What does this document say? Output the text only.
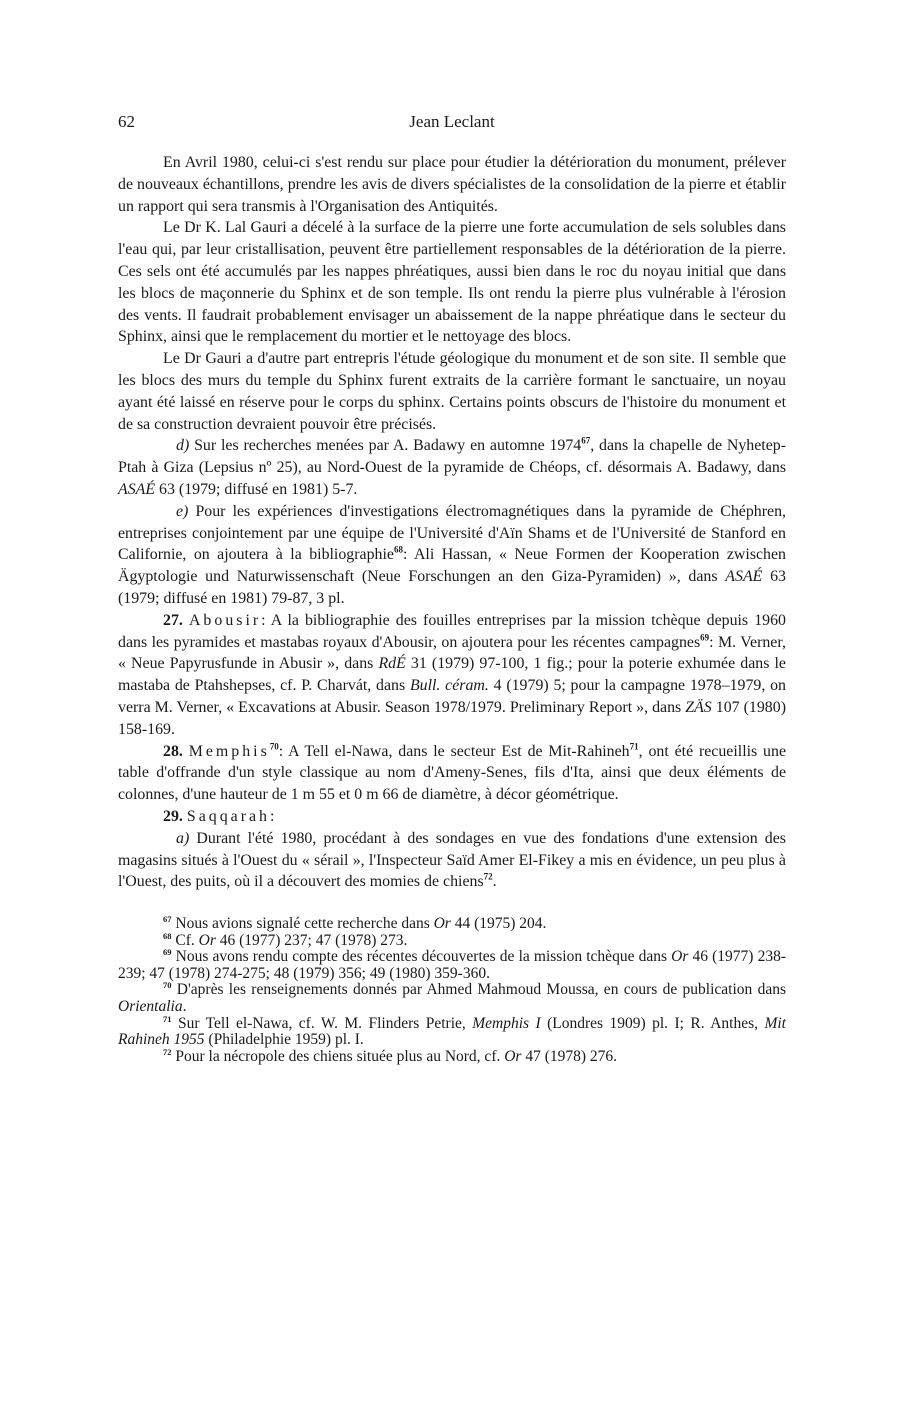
62	Jean Leclant

En Avril 1980, celui-ci s'est rendu sur place pour étudier la détérioration du monument, prélever de nouveaux échantillons, prendre les avis de divers spécialistes de la consolidation de la pierre et établir un rapport qui sera transmis à l'Organisation des Antiquités.

Le Dr K. Lal Gauri a décelé à la surface de la pierre une forte accumulation de sels solubles dans l'eau qui, par leur cristallisation, peuvent être partiellement responsables de la détérioration de la pierre. Ces sels ont été accumulés par les nappes phréatiques, aussi bien dans le roc du noyau initial que dans les blocs de maçonnerie du Sphinx et de son temple. Ils ont rendu la pierre plus vulnérable à l'érosion des vents. Il faudrait probablement envisager un abaissement de la nappe phréatique dans le secteur du Sphinx, ainsi que le remplacement du mortier et le nettoyage des blocs.

Le Dr Gauri a d'autre part entrepris l'étude géologique du monument et de son site. Il semble que les blocs des murs du temple du Sphinx furent extraits de la carrière formant le sanctuaire, un noyau ayant été laissé en réserve pour le corps du sphinx. Certains points obscurs de l'histoire du monument et de sa construction devraient pouvoir être précisés.

d) Sur les recherches menées par A. Badawy en automne 1974$^{67}$, dans la chapelle de Nyhetep-Ptah à Giza (Lepsius nº 25), au Nord-Ouest de la pyramide de Chéops, cf. désormais A. Badawy, dans ASAÉ 63 (1979; diffusé en 1981) 5-7.

e) Pour les expériences d'investigations électromagnétiques dans la pyramide de Chéphren, entreprises conjointement par une équipe de l'Université d'Aïn Shams et de l'Université de Stanford en Californie, on ajoutera à la bibliographie$^{68}$: Ali Hassan, « Neue Formen der Kooperation zwischen Ägyptologie und Naturwissenschaft (Neue Forschungen an den Giza-Pyramiden) », dans ASAÉ 63 (1979; diffusé en 1981) 79-87, 3 pl.

27. Abousir: A la bibliographie des fouilles entreprises par la mission tchèque depuis 1960 dans les pyramides et mastabas royaux d'Abousir, on ajoutera pour les récentes campagnes$^{69}$: M. Verner, « Neue Papyrusfunde in Abusir », dans RdÉ 31 (1979) 97-100, 1 fig.; pour la poterie exhumée dans le mastaba de Ptahshepses, cf. P. Charvát, dans Bull. céram. 4 (1979) 5; pour la campagne 1978–1979, on verra M. Verner, « Excavations at Abusir. Season 1978/1979. Preliminary Report », dans ZÄS 107 (1980) 158-169.

28. Memphis$^{70}$: A Tell el-Nawa, dans le secteur Est de Mit-Rahineh$^{71}$, ont été recueillis une table d'offrande d'un style classique au nom d'Ameny-Senes, fils d'Ita, ainsi que deux éléments de colonnes, d'une hauteur de 1 m 55 et 0 m 66 de diamètre, à décor géométrique.

29. Saqqarah:

a) Durant l'été 1980, procédant à des sondages en vue des fondations d'une extension des magasins situés à l'Ouest du « sérail », l'Inspecteur Saïd Amer El-Fikey a mis en évidence, un peu plus à l'Ouest, des puits, où il a découvert des momies de chiens$^{72}$.

$^{67}$ Nous avions signalé cette recherche dans Or 44 (1975) 204.

$^{68}$ Cf. Or 46 (1977) 237; 47 (1978) 273.

$^{69}$ Nous avons rendu compte des récentes découvertes de la mission tchèque dans Or 46 (1977) 238-239; 47 (1978) 274-275; 48 (1979) 356; 49 (1980) 359-360.

$^{70}$ D'après les renseignements donnés par Ahmed Mahmoud Moussa, en cours de publication dans Orientalia.

$^{71}$ Sur Tell el-Nawa, cf. W. M. Flinders Petrie, Memphis I (Londres 1909) pl. I; R. Anthes, Mit Rahineh 1955 (Philadelphie 1959) pl. I.

$^{72}$ Pour la nécropole des chiens située plus au Nord, cf. Or 47 (1978) 276.
